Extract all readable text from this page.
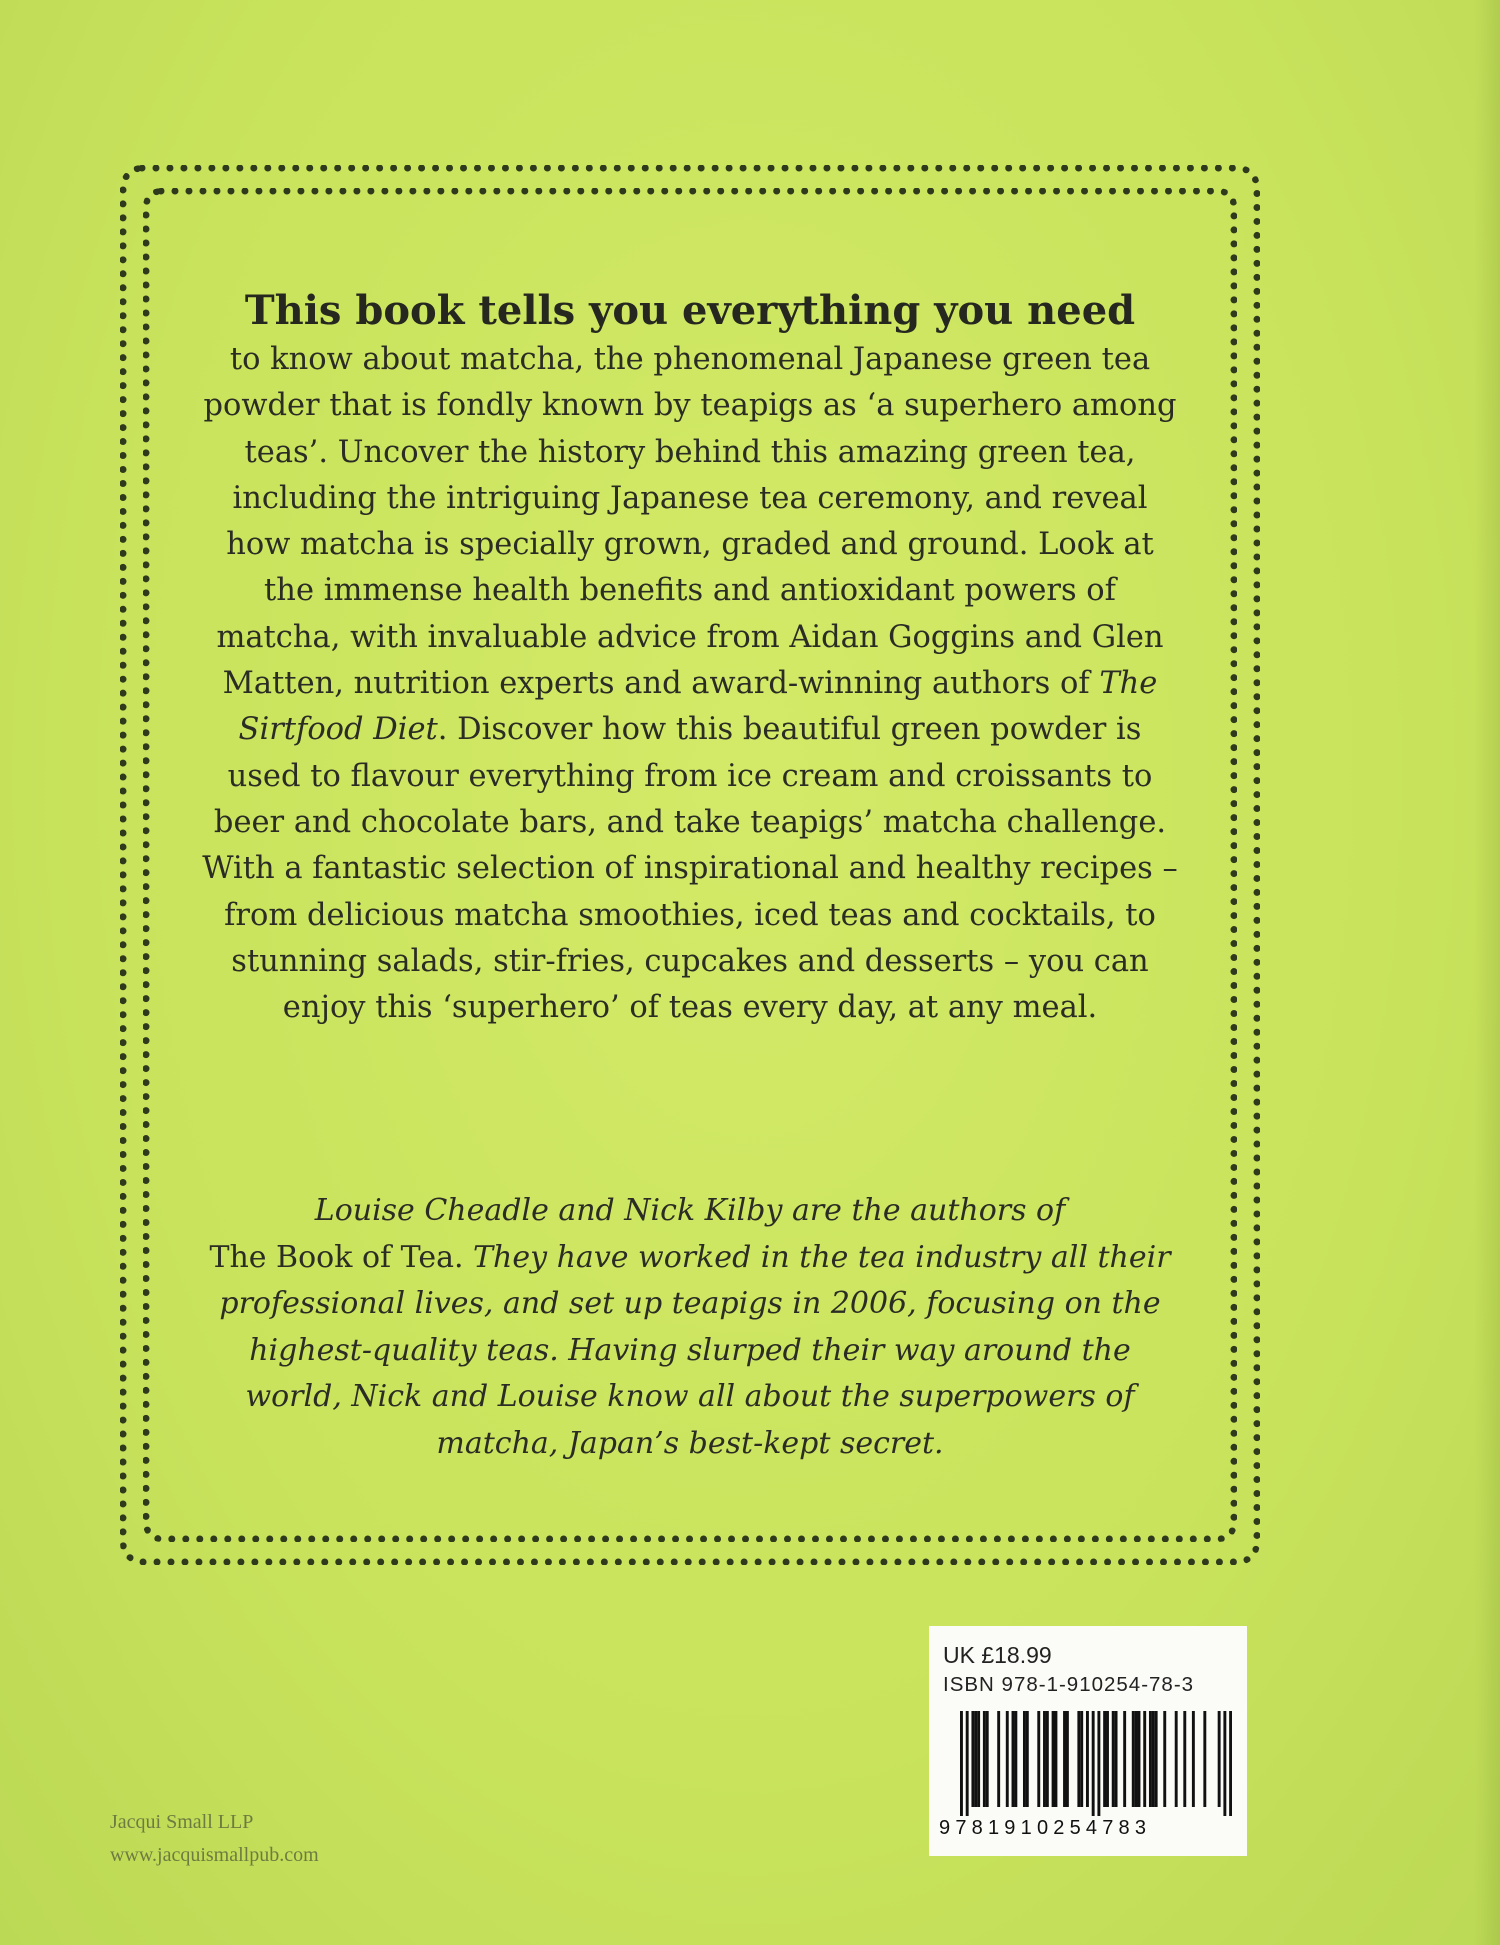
This book tells you everything you need

to know about matcha, the phenomenal Japanese green tea powder that is fondly known by teapigs as ‘a superhero among teas’. Uncover the history behind this amazing green tea, including the intriguing Japanese tea ceremony, and reveal how matcha is specially grown, graded and ground. Look at the immense health benefits and antioxidant powers of matcha, with invaluable advice from Aidan Goggins and Glen Matten, nutrition experts and award-winning authors of The Sirtfood Diet. Discover how this beautiful green powder is used to flavour everything from ice cream and croissants to beer and chocolate bars, and take teapigs’ matcha challenge. With a fantastic selection of inspirational and healthy recipes – from delicious matcha smoothies, iced teas and cocktails, to stunning salads, stir-fries, cupcakes and desserts – you can enjoy this ‘superhero’ of teas every day, at any meal.

Louise Cheadle and Nick Kilby are the authors of
The Book of Tea. They have worked in the tea industry all their professional lives, and set up teapigs in 2006, focusing on the highest-quality teas. Having slurped their way around the world, Nick and Louise know all about the superpowers of matcha, Japan’s best-kept secret.

Jacqui Small LLP
www.jacquismallpub.com

UK £18.99

ISBN 978-1-910254-78-3

9781910254783
